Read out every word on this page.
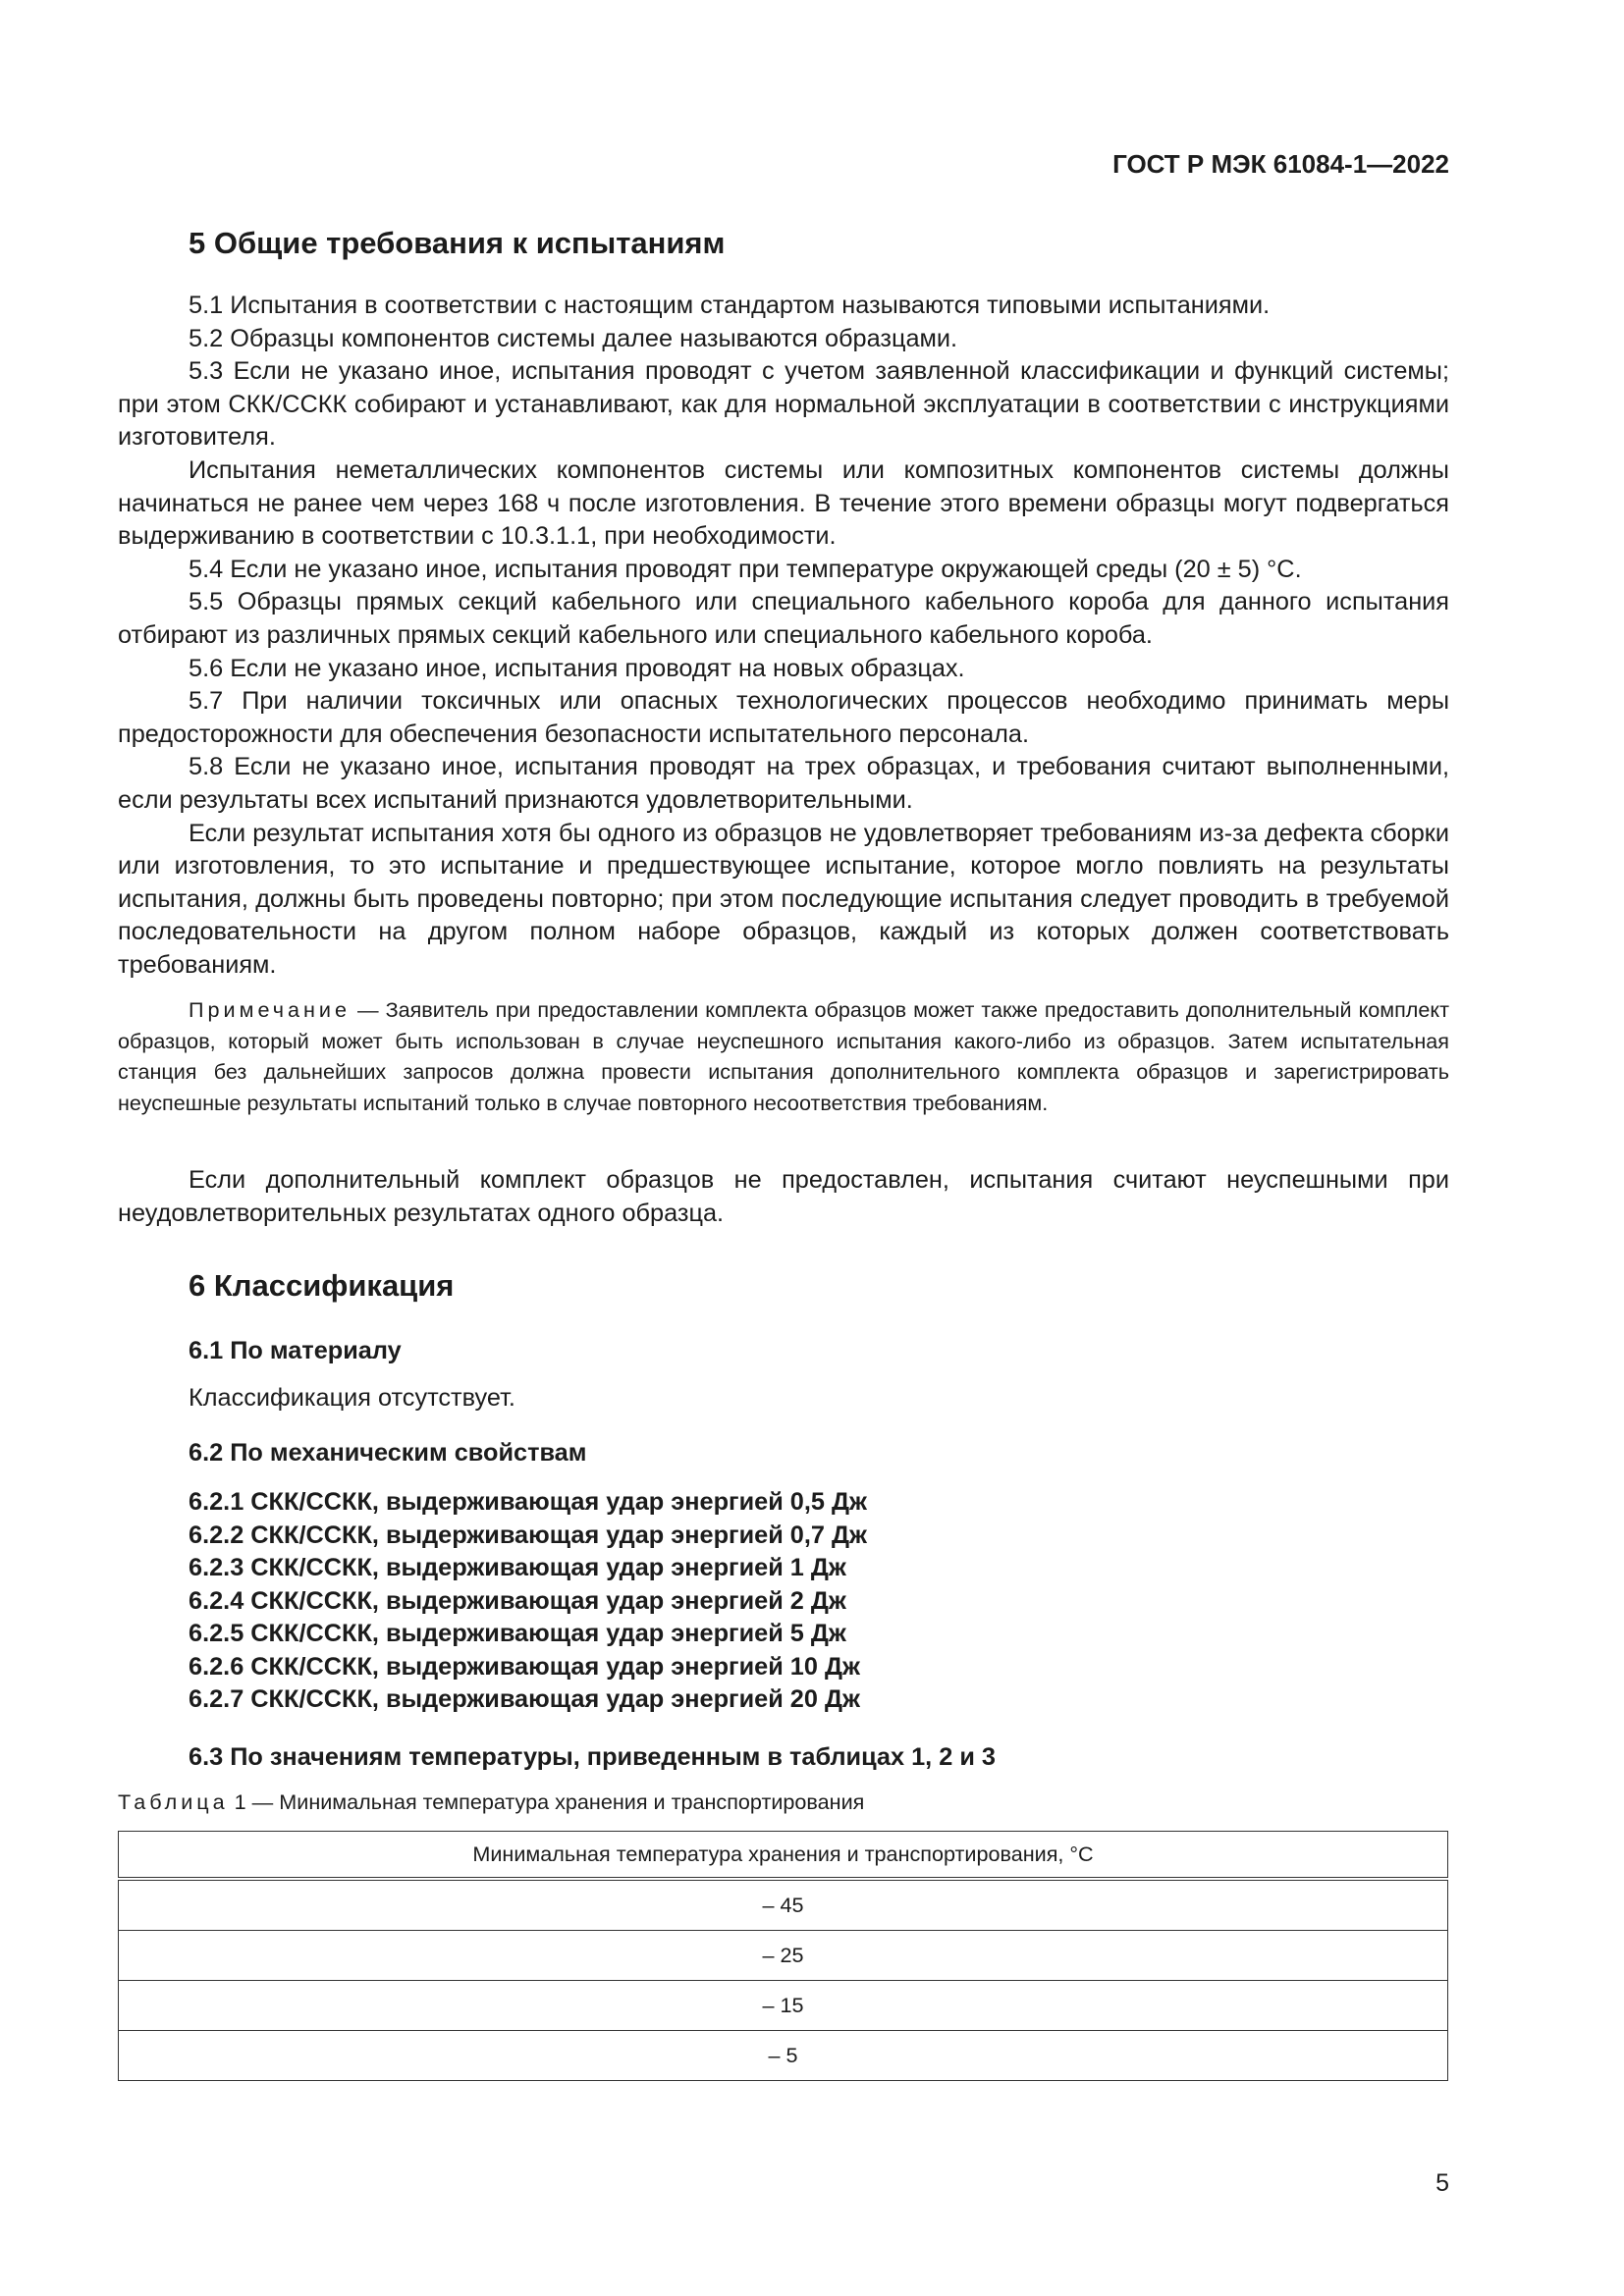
ГОСТ Р МЭК 61084-1—2022

5 Общие требования к испытаниям

5.1 Испытания в соответствии с настоящим стандартом называются типовыми испытаниями.

5.2 Образцы компонентов системы далее называются образцами.

5.3 Если не указано иное, испытания проводят с учетом заявленной классификации и функций системы; при этом СКК/ССКК собирают и устанавливают, как для нормальной эксплуатации в соответствии с инструкциями изготовителя.

Испытания неметаллических компонентов системы или композитных компонентов системы должны начинаться не ранее чем через 168 ч после изготовления. В течение этого времени образцы могут подвергаться выдерживанию в соответствии с 10.3.1.1, при необходимости.

5.4 Если не указано иное, испытания проводят при температуре окружающей среды (20 ± 5) °С.

5.5 Образцы прямых секций кабельного или специального кабельного короба для данного испытания отбирают из различных прямых секций кабельного или специального кабельного короба.

5.6 Если не указано иное, испытания проводят на новых образцах.

5.7 При наличии токсичных или опасных технологических процессов необходимо принимать меры предосторожности для обеспечения безопасности испытательного персонала.

5.8 Если не указано иное, испытания проводят на трех образцах, и требования считают выполненными, если результаты всех испытаний признаются удовлетворительными.

Если результат испытания хотя бы одного из образцов не удовлетворяет требованиям из-за дефекта сборки или изготовления, то это испытание и предшествующее испытание, которое могло повлиять на результаты испытания, должны быть проведены повторно; при этом последующие испытания следует проводить в требуемой последовательности на другом полном наборе образцов, каждый из которых должен соответствовать требованиям.

Примечание — Заявитель при предоставлении комплекта образцов может также предоставить дополнительный комплект образцов, который может быть использован в случае неуспешного испытания какого-либо из образцов. Затем испытательная станция без дальнейших запросов должна провести испытания дополнительного комплекта образцов и зарегистрировать неуспешные результаты испытаний только в случае повторного несоответствия требованиям.

Если дополнительный комплект образцов не предоставлен, испытания считают неуспешными при неудовлетворительных результатах одного образца.

6 Классификация

6.1 По материалу

Классификация отсутствует.

6.2 По механическим свойствам

6.2.1 СКК/ССКК, выдерживающая удар энергией 0,5 Дж
6.2.2 СКК/ССКК, выдерживающая удар энергией 0,7 Дж
6.2.3 СКК/ССКК, выдерживающая удар энергией 1 Дж
6.2.4 СКК/ССКК, выдерживающая удар энергией 2 Дж
6.2.5 СКК/ССКК, выдерживающая удар энергией 5 Дж
6.2.6 СКК/ССКК, выдерживающая удар энергией 10 Дж
6.2.7 СКК/ССКК, выдерживающая удар энергией 20 Дж

6.3 По значениям температуры, приведенным в таблицах 1, 2 и 3

Таблица 1 — Минимальная температура хранения и транспортирования

Минимальная температура хранения и транспортирования, °С
– 45
– 25
– 15
– 5

5
